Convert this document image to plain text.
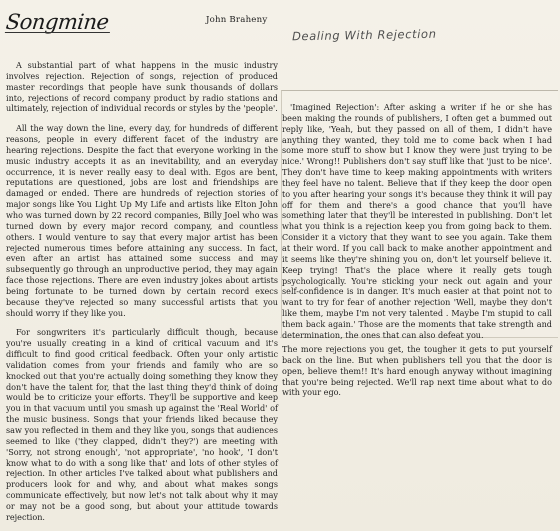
Songmine	John Braheny
Dealing With Rejection

A substantial part of what happens in the music industry involves rejection. Rejection of songs, rejection of produced master recordings that people have sunk thousands of dollars into, rejections of record company product by radio stations and ultimately, rejection of individual records or styles by the 'people'.

All the way down the line, every day, for hundreds of different reasons, people in every different facet of the industry are hearing rejections. Despite the fact that everyone working in the music industry accepts it as an inevitability, and an everyday occurrence, it is never really easy to deal with. Egos are bent, reputations are questioned, jobs are lost and friendships are damaged or ended. There are hundreds of rejection stories of major songs like You Light Up My Life and artists like Elton John who was turned down by 22 record companies, Billy Joel who was turned down by every major record company, and countless others. I would venture to say that every major artist has been rejected numerous times before attaining any success. In fact, even after an artist has attained some success and may subsequently go through an unproductive period, they may again face those rejections. There are even industry jokes about artists being fortunate to be turned down by certain record execs because they've rejected so many successful artists that you should worry if they like you.

For songwriters it's particularly difficult though, because you're usually creating in a kind of critical vacuum and it's difficult to find good critical feedback. Often your only artistic validation comes from your friends and family who are so knocked out that you're actually doing something they know they don't have the talent for, that the last thing they'd think of doing would be to criticize your efforts. They'll be supportive and keep you in that vacuum until you smash up against the 'Real World' of the music business. Songs that your friends liked because they saw you reflected in them and they like you, songs that audiences seemed to like ('they clapped, didn't they?') are meeting with 'Sorry, not strong enough', 'not appropriate', 'no hook', 'I don't know what to do with a song like that' and lots of other styles of rejection. In other articles I've talked about what publishers and producers look for and why, and about what makes songs communicate effectively, but now let's not talk about why it may or may not be a good song, but about your attitude towards rejection.

'Imagined Rejection': After asking a writer if he or she has been making the rounds of publishers, I often get a bummed out reply like, 'Yeah, but they passed on all of them, I didn't have anything they wanted, they told me to come back when I had some more stuff to show but I know they were just trying to be nice.' Wrong!! Publishers don't say stuff like that 'just to be nice'. They don't have time to keep making appointments with writers they feel have no talent. Believe that if they keep the door open to you after hearing your songs it's because they think it will pay off for them and there's a good chance that you'll have something later that they'll be interested in publishing. Don't let what you think is a rejection keep you from going back to them. Consider it a victory that they want to see you again. Take them at their word. If you call back to make another appointment and it seems like they're shining you on, don't let yourself believe it. Keep trying! That's the place where it really gets tough psychologically. You're sticking your neck out again and your self-confidence is in danger. It's much easier at that point not to want to try for fear of another rejection 'Well, maybe they don't like them, maybe I'm not very talented . Maybe I'm stupid to call them back again.' Those are the moments that take strength and determination, the ones that can also defeat you.

The more rejections you get, the tougher it gets to put yourself back on the line. But when publishers tell you that the door is open, believe them!! It's hard enough anyway without imagining that you're being rejected. We'll rap next time about what to do with your ego.
